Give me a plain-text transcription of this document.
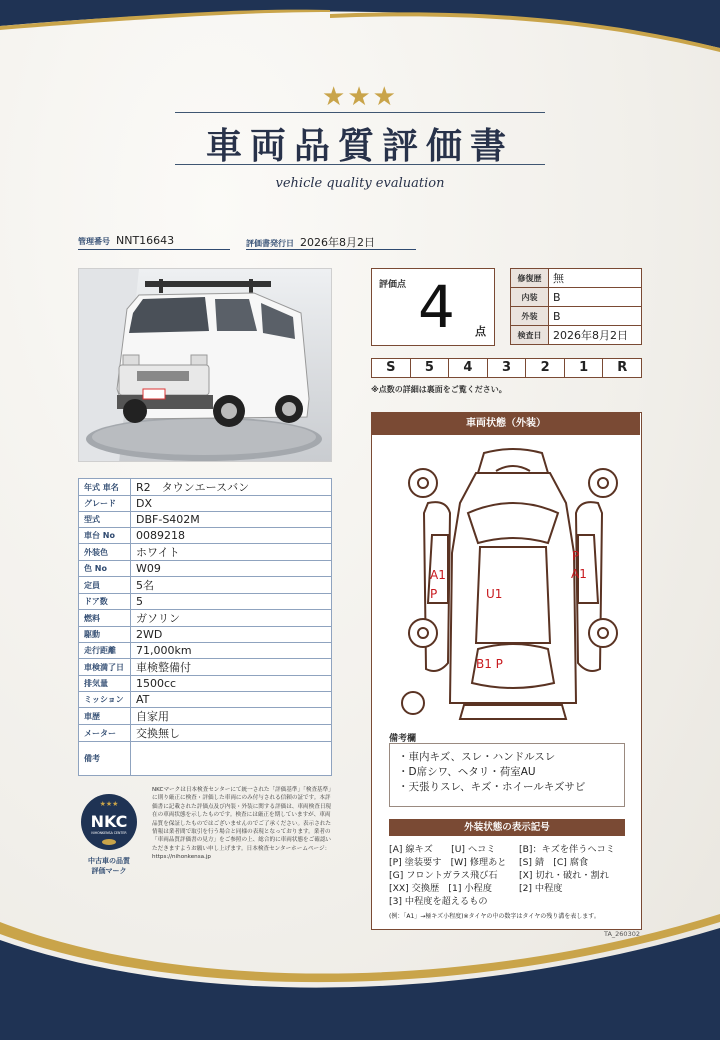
★★★
車両品質評価書
vehicle quality evaluation
管理番号 NNT16643	評価書発行日 2026年8月2日
年式 車名	R2　タウンエースバン
グレード	DX
型式	DBF-S402M
車台 No	0089218
外装色	ホワイト
色 No	W09
定員	5名
ドア数	5
燃料	ガソリン
駆動	2WD
走行距離	71,000km
車検満了日	車検整備付
排気量	1500cc
ミッション	AT
車歴	自家用
メーター	交換無し
備考	
★★★
NKC
NIHONKENSA CENTER
中古車の品質
評価マーク
NKCマークは日本検査センターにて統一された「評価基準」「検査基準」に則り厳正に検査・評価した車両にのみ付与される信頼の証です。本評価書に記載された評価点及び内装・外装に関する評価は、車両検査日現在の車両状態を示したものです。検査には厳正を期していますが、車両品質を保証したものではございませんのでご了承ください。表示された情報は業者間で取引を行う場合と同様の表現となっております。業者の「車両品質評価書の見方」をご参照の上、総合的に車両状態をご確認いただきますようお願い申し上げます。日本検査センターホームページ：https://nihonkensa.jp
評価点 4 点
修復歴	無
内装	B
外装	B
検査日	2026年8月2日
S	5	4	3	2	1	R
※点数の詳細は裏面をご覧ください。
車両状態（外装）
P
A1
A1
P	U1
B1 P
備考欄
・車内キズ、スレ・ハンドルスレ
・D席シワ、ヘタリ・荷室AU
・天張りスレ、キズ・ホイールキズサビ
外装状態の表示記号
[A] 線キズ　　[U] ヘコミ	[B]：キズを伴うヘコミ
[P] 塗装要す　[W] 修理あと	[S] 錆　[C] 腐食
[G] フロントガラス飛び石	[X] 切れ・破れ・割れ
[XX] 交換歴　[1] 小程度	[2] 中程度
[3] 中程度を超えるもの
(例：「A1」→極キズ小程度)※タイヤの中の数字はタイヤの残り溝を表します。
TA_260302
